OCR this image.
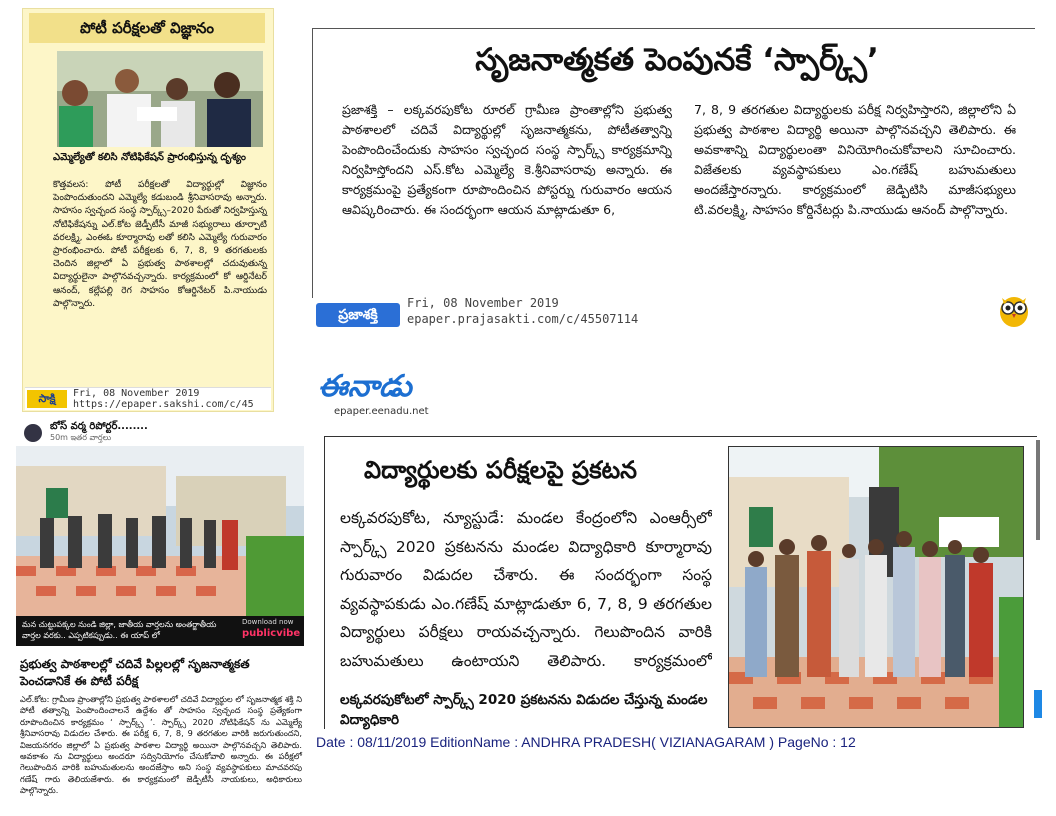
పోటీ పరీక్షలతో విజ్ఞానం
ఎమ్మెల్యేతో కలిసి నోటిఫికేషన్ ప్రారంభిస్తున్న దృశ్యం
కొత్తవలస: పోటీ పరీక్షలతో విద్యార్థుల్లో విజ్ఞానం పెంపొందుతుందని ఎమ్మెల్యే కడుబండి శ్రీనివాసరావు అన్నారు. సాహసం స్వచ్ఛంద సంస్థ స్పార్క్స్–2020 పేరుతో నిర్వహిస్తున్న నోటిఫికేషన్ను ఎల్.కోట జెడ్పీటీసీ మాజీ సభ్యురాలు తూర్పాటి వరలక్ష్మి, ఎంఈఓ కూర్మారావు లతో కలిసి ఎమ్మెల్యే గురువారం ప్రారంభించారు. పోటీ పరీక్షలకు 6, 7, 8, 9 తరగతులకు చెందిన జిల్లాలో ఏ ప్రభుత్వ పాఠశాలల్లో చదువుతున్న విద్యార్థులైనా పాల్గొనవచ్చన్నారు. కార్యక్రమంలో కో ఆర్డినేటర్ ఆనంద్, కల్లేపల్లి రెగ సాహసం కోఆర్డినేటర్ పి.నాయుడు పాల్గొన్నారు.
సాక్షి	Fri, 08 November 2019
https://epaper.sakshi.com/c/45
సృజనాత్మకత పెంపునకే ‘స్పార్క్స్’
ప్రజాశక్తి – లక్కవరపుకోట రూరల్ గ్రామీణ ప్రాంతాల్లోని ప్రభుత్వ పాఠశాలలో చదివే విద్యార్థుల్లో సృజనాత్మకను, పోటీతత్వాన్ని పెంపొందించేందుకు సాహసం స్వచ్ఛంద సంస్థ స్పార్క్స్ కార్యక్రమాన్ని నిర్వహిస్తోందని ఎస్.కోట ఎమ్మెల్యే కె.శ్రీనివాసరావు అన్నారు. ఈ కార్యక్రమంపై ప్రత్యేకంగా రూపొందించిన పోస్టర్ను గురువారం ఆయన ఆవిష్కరించారు. ఈ సందర్భంగా ఆయన మాట్లాడుతూ 6,
7, 8, 9 తరగతుల విద్యార్థులకు పరీక్ష నిర్వహిస్తారని, జిల్లాలోని ఏ ప్రభుత్వ పాఠశాల విద్యార్థి అయినా పాల్గొనవచ్చని తెలిపారు. ఈ అవకాశాన్ని విద్యార్థులంతా వినియోగించుకోవాలని సూచించారు. విజేతలకు వ్యవస్థాపకులు ఎం.గణేష్ బహుమతులు అందజేస్తారన్నారు. కార్యక్రమంలో జెడ్పిటిసి మాజీసభ్యులు టి.వరలక్ష్మి, సాహసం కోర్డినేటర్లు పి.నాయుడు ఆనంద్ పాల్గొన్నారు.
ప్రజాశక్తి
Fri, 08 November 2019
epaper.prajasakti.com/c/45507114
బోస్ వర్మ రిపోర్టర్........
50m ఇతర వార్తలు
మన చుట్టుపక్కల నుండి జిల్లా, జాతీయ వార్తలను అంతర్జాతీయ వార్తల వరకు.. ఎప్పటికప్పుడు.. ఈ యాప్ లో
Download now
publicvibe
ప్రభుత్వ పాఠశాలల్లో చదివే పిల్లలల్లో సృజనాత్మకత పెంచడానికే ఈ పోటీ పరీక్ష
ఎల్.కోట: గ్రామీణ ప్రాంతాల్లోని ప్రభుత్వ పాఠశాలలో చదివే విద్యార్థుల లో సృజనాత్మక శక్తి ని పోటీ తత్వాన్ని పెంపొందించాలనే ఉద్దేశం తో సాహసం స్వచ్ఛంద సంస్థ ప్రత్యేకంగా రూపొందించిన కార్యక్రమం ‘ స్పార్క్స్ ’. స్పార్క్స్ 2020 నోటిఫికేషన్ ను ఎమ్మెల్యే శ్రీనివాసరావు విడుదల చేశారు. ఈ పరీక్ష 6, 7, 8, 9 తరగతుల వారికి జరుగుతుందని, విజయనగరం జిల్లాలో ఏ ప్రభుత్వ పాఠశాల విద్యార్థి అయినా పాల్గొనవచ్చని తెలిపారు. అవకాశం ను విద్యార్థులు అందరూ సద్వినియోగం చేసుకోవాలి అన్నారు. ఈ పరీక్షలో గెలుపొందిన వారికి బహుమతులను అందజేస్తాం అని సంస్థ వ్యవస్థాపకులు మాచవరపు గణేష్ గారు తెలియజేశారు. ఈ కార్యక్రమంలో జెడ్పీటీసీ నాయకులు, అధికారులు పాల్గొన్నారు.
ఈనాడు
epaper.eenadu.net
విద్యార్థులకు పరీక్షలపై ప్రకటన
లక్కవరపుకోట, న్యూస్టుడే: మండల కేంద్రంలోని ఎంఆర్సీలో స్పార్క్స్ 2020 ప్రకటనను మండల విద్యాధికారి కూర్మారావు గురువారం విడుదల చేశారు. ఈ సందర్భంగా సంస్థ వ్యవస్థాపకుడు ఎం.గణేష్ మాట్లాడుతూ 6, 7, 8, 9 తరగతుల విద్యార్థులు పరీక్షలు రాయవచ్చన్నారు. గెలుపొందిన వారికి బహుమతులు ఉంటాయని తెలిపారు. కార్యక్రమంలో
లక్కవరపుకోటలో స్పార్క్స్ 2020 ప్రకటనను విడుదల చేస్తున్న మండల విద్యాధికారి
Date : 08/11/2019 EditionName : ANDHRA PRADESH( VIZIANAGARAM ) PageNo : 12
